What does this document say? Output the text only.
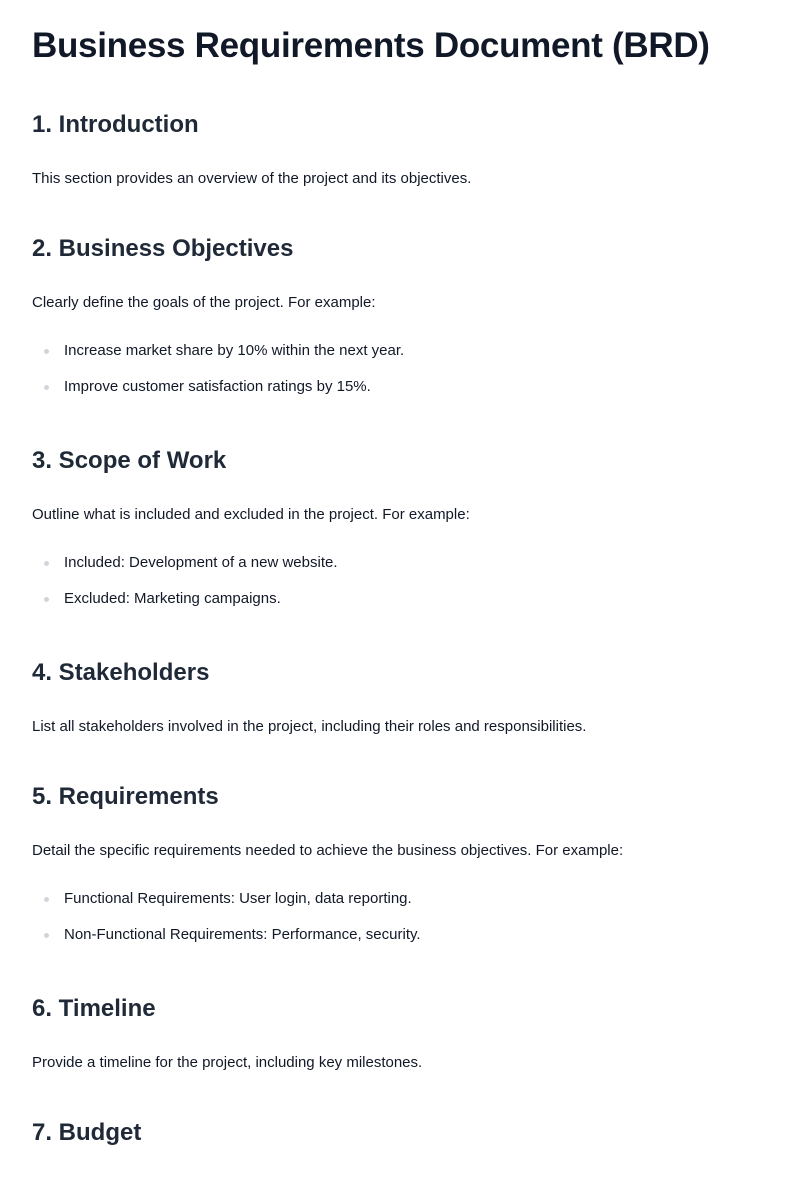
Business Requirements Document (BRD)
1. Introduction

This section provides an overview of the project and its objectives.

2. Business Objectives

Clearly define the goals of the project. For example:

Increase market share by 10% within the next year.
Improve customer satisfaction ratings by 15%.
3. Scope of Work

Outline what is included and excluded in the project. For example:

Included: Development of a new website.
Excluded: Marketing campaigns.
4. Stakeholders

List all stakeholders involved in the project, including their roles and responsibilities.

5. Requirements

Detail the specific requirements needed to achieve the business objectives. For example:

Functional Requirements: User login, data reporting.
Non-Functional Requirements: Performance, security.
6. Timeline

Provide a timeline for the project, including key milestones.

7. Budget
